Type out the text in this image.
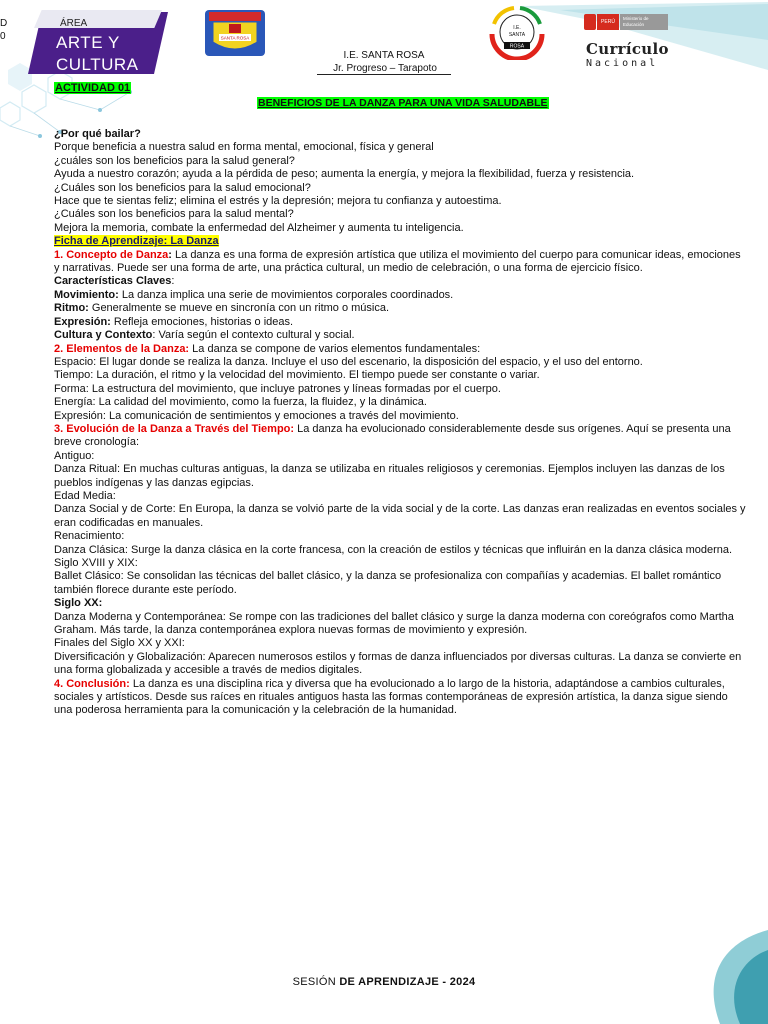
D
0
ÁREA
ARTE Y CULTURA
SANTA ROSA
I.E.
SANTA
ROSA
PERÚ
Ministerio de Educación
Currículo
Nacional
I.E. SANTA ROSA
Jr. Progreso – Tarapoto
ACTIVIDAD 01
BENEFICIOS DE LA DANZA PARA UNA VIDA SALUDABLE

¿Por qué bailar?

Porque beneficia a nuestra salud en forma mental, emocional, física y general

¿cuáles son los beneficios para la salud general?

Ayuda a nuestro corazón; ayuda a la pérdida de peso; aumenta la energía, y mejora la flexibilidad, fuerza y resistencia.

¿Cuáles son los beneficios para la salud emocional?

Hace que te sientas feliz; elimina el estrés y la depresión; mejora tu confianza y autoestima.

¿Cuáles son los beneficios para la salud mental?

Mejora la memoria, combate la enfermedad del Alzheimer y aumenta tu inteligencia.

Ficha de Aprendizaje: La Danza

1. Concepto de Danza: La danza es una forma de expresión artística que utiliza el movimiento del cuerpo para comunicar ideas, emociones y narrativas. Puede ser una forma de arte, una práctica cultural, un medio de celebración, o una forma de ejercicio físico.

Características Claves:

Movimiento: La danza implica una serie de movimientos corporales coordinados.

Ritmo: Generalmente se mueve en sincronía con un ritmo o música.

Expresión: Refleja emociones, historias o ideas.

Cultura y Contexto: Varía según el contexto cultural y social.

2. Elementos de la Danza: La danza se compone de varios elementos fundamentales:

Espacio: El lugar donde se realiza la danza. Incluye el uso del escenario, la disposición del espacio, y el uso del entorno.

Tiempo: La duración, el ritmo y la velocidad del movimiento. El tiempo puede ser constante o variar.

Forma: La estructura del movimiento, que incluye patrones y líneas formadas por el cuerpo.

Energía: La calidad del movimiento, como la fuerza, la fluidez, y la dinámica.

Expresión: La comunicación de sentimientos y emociones a través del movimiento.

3. Evolución de la Danza a Través del Tiempo: La danza ha evolucionado considerablemente desde sus orígenes. Aquí se presenta una breve cronología:

Antiguo:

Danza Ritual: En muchas culturas antiguas, la danza se utilizaba en rituales religiosos y ceremonias. Ejemplos incluyen las danzas de los pueblos indígenas y las danzas egipcias.

Edad Media:

Danza Social y de Corte: En Europa, la danza se volvió parte de la vida social y de la corte. Las danzas eran realizadas en eventos sociales y eran codificadas en manuales.

Renacimiento:

Danza Clásica: Surge la danza clásica en la corte francesa, con la creación de estilos y técnicas que influirán en la danza clásica moderna.

Siglo XVIII y XIX:

Ballet Clásico: Se consolidan las técnicas del ballet clásico, y la danza se profesionaliza con compañías y academias. El ballet romántico también florece durante este período.

Siglo XX:

Danza Moderna y Contemporánea: Se rompe con las tradiciones del ballet clásico y surge la danza moderna con coreógrafos como Martha Graham. Más tarde, la danza contemporánea explora nuevas formas de movimiento y expresión.

Finales del Siglo XX y XXI:

Diversificación y Globalización: Aparecen numerosos estilos y formas de danza influenciados por diversas culturas. La danza se convierte en una forma globalizada y accesible a través de medios digitales.

4. Conclusión: La danza es una disciplina rica y diversa que ha evolucionado a lo largo de la historia, adaptándose a cambios culturales, sociales y artísticos. Desde sus raíces en rituales antiguos hasta las formas contemporáneas de expresión artística, la danza sigue siendo una poderosa herramienta para la comunicación y la celebración de la humanidad.

SESIÓN DE APRENDIZAJE - 2024
